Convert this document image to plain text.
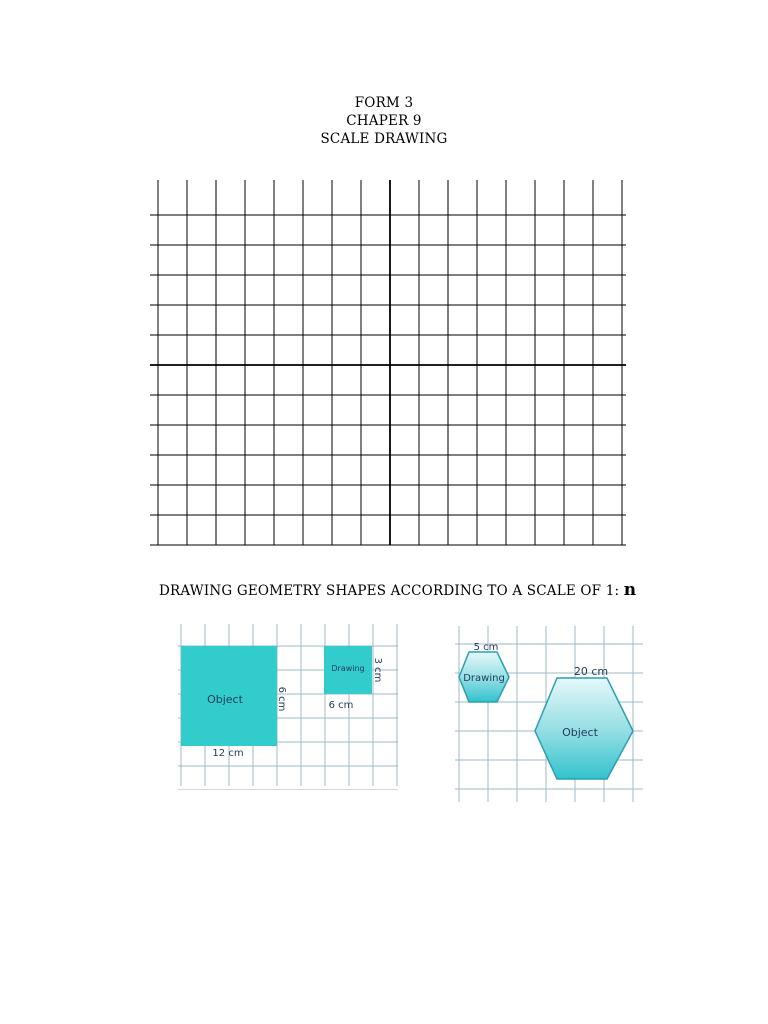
FORM 3
CHAPER 9
SCALE DRAWING
DRAWING GEOMETRY SHAPES ACCORDING TO A SCALE OF 1: n
Object
Drawing
12 cm
6 cm	6 cm
3 cm
5 cm
Drawing
20 cm
Object
